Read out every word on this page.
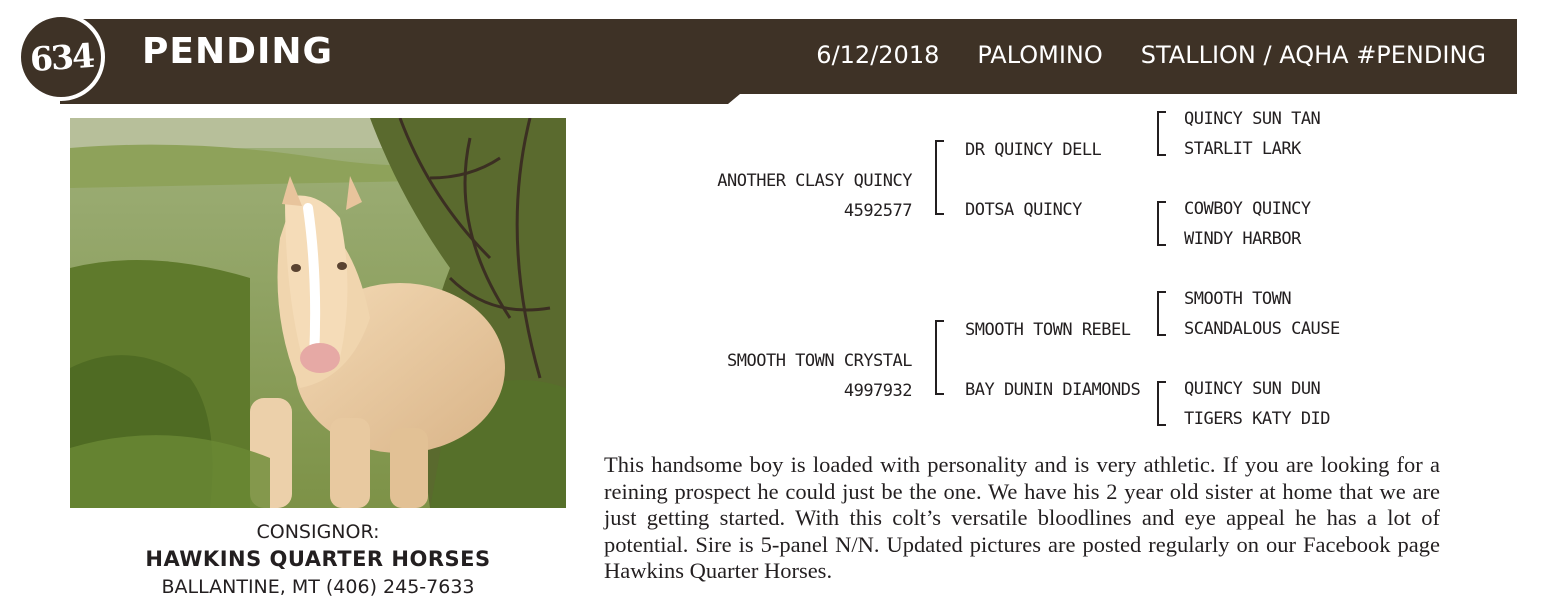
634 PENDING	6/12/2018 PALOMINO STALLION / AQHA #PENDING
CONSIGNOR:
HAWKINS QUARTER HORSES
BALLANTINE, MT (406) 245-7633
ANOTHER CLASY QUINCY
4592577
DR QUINCY DELL
DOTSA QUINCY
QUINCY SUN TAN
STARLIT LARK
COWBOY QUINCY
WINDY HARBOR
SMOOTH TOWN CRYSTAL
4997932
SMOOTH TOWN REBEL
BAY DUNIN DIAMONDS
SMOOTH TOWN
SCANDALOUS CAUSE
QUINCY SUN DUN
TIGERS KATY DID
This handsome boy is loaded with personality and is very athletic. If you are looking for a reining prospect he could just be the one. We have his 2 year old sister at home that we are just getting started. With this colt’s versatile bloodlines and eye appeal he has a lot of potential. Sire is 5-panel N/N. Updated pictures are posted regularly on our Facebook page Hawkins Quarter Horses.
